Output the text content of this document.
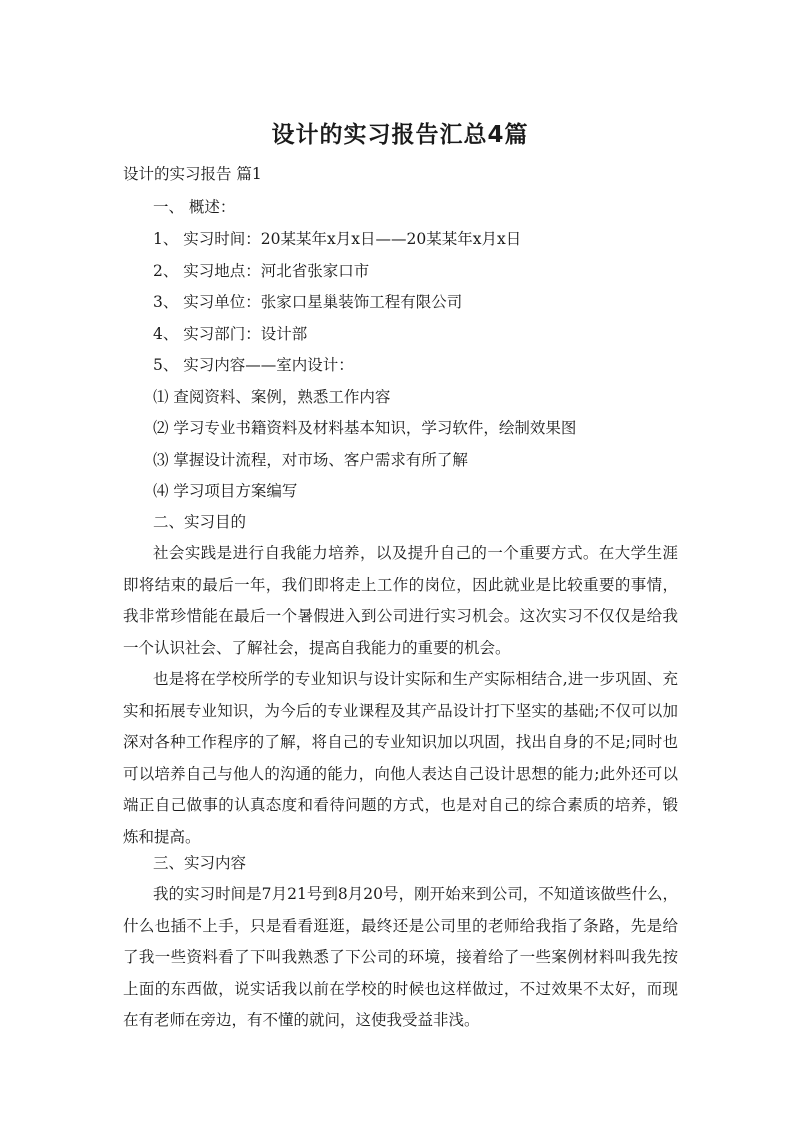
设计的实习报告汇总4篇
设计的实习报告 篇1
一、 概述：
1、 实习时间：20某某年x月x日——20某某年x月x日
2、 实习地点：河北省张家口市
3、 实习单位：张家口星巢装饰工程有限公司
4、 实习部门：设计部
5、 实习内容——室内设计：
⑴ 查阅资料、案例，熟悉工作内容
⑵ 学习专业书籍资料及材料基本知识，学习软件，绘制效果图
⑶ 掌握设计流程，对市场、客户需求有所了解
⑷ 学习项目方案编写
二、实习目的
社会实践是进行自我能力培养，以及提升自己的一个重要方式。在大学生涯即将结束的最后一年，我们即将走上工作的岗位，因此就业是比较重要的事情，我非常珍惜能在最后一个暑假进入到公司进行实习机会。这次实习不仅仅是给我一个认识社会、了解社会，提高自我能力的重要的机会。
也是将在学校所学的专业知识与设计实际和生产实际相结合,进一步巩固、充实和拓展专业知识，为今后的专业课程及其产品设计打下坚实的基础;不仅可以加深对各种工作程序的了解，将自己的专业知识加以巩固，找出自身的不足;同时也可以培养自己与他人的沟通的能力，向他人表达自己设计思想的能力;此外还可以端正自己做事的认真态度和看待问题的方式，也是对自己的综合素质的培养，锻炼和提高。
三、实习内容
我的实习时间是7月21号到8月20号，刚开始来到公司，不知道该做些什么，什么也插不上手，只是看看逛逛，最终还是公司里的老师给我指了条路，先是给了我一些资料看了下叫我熟悉了下公司的环境，接着给了一些案例材料叫我先按上面的东西做，说实话我以前在学校的时候也这样做过，不过效果不太好，而现在有老师在旁边，有不懂的就问，这使我受益非浅。
